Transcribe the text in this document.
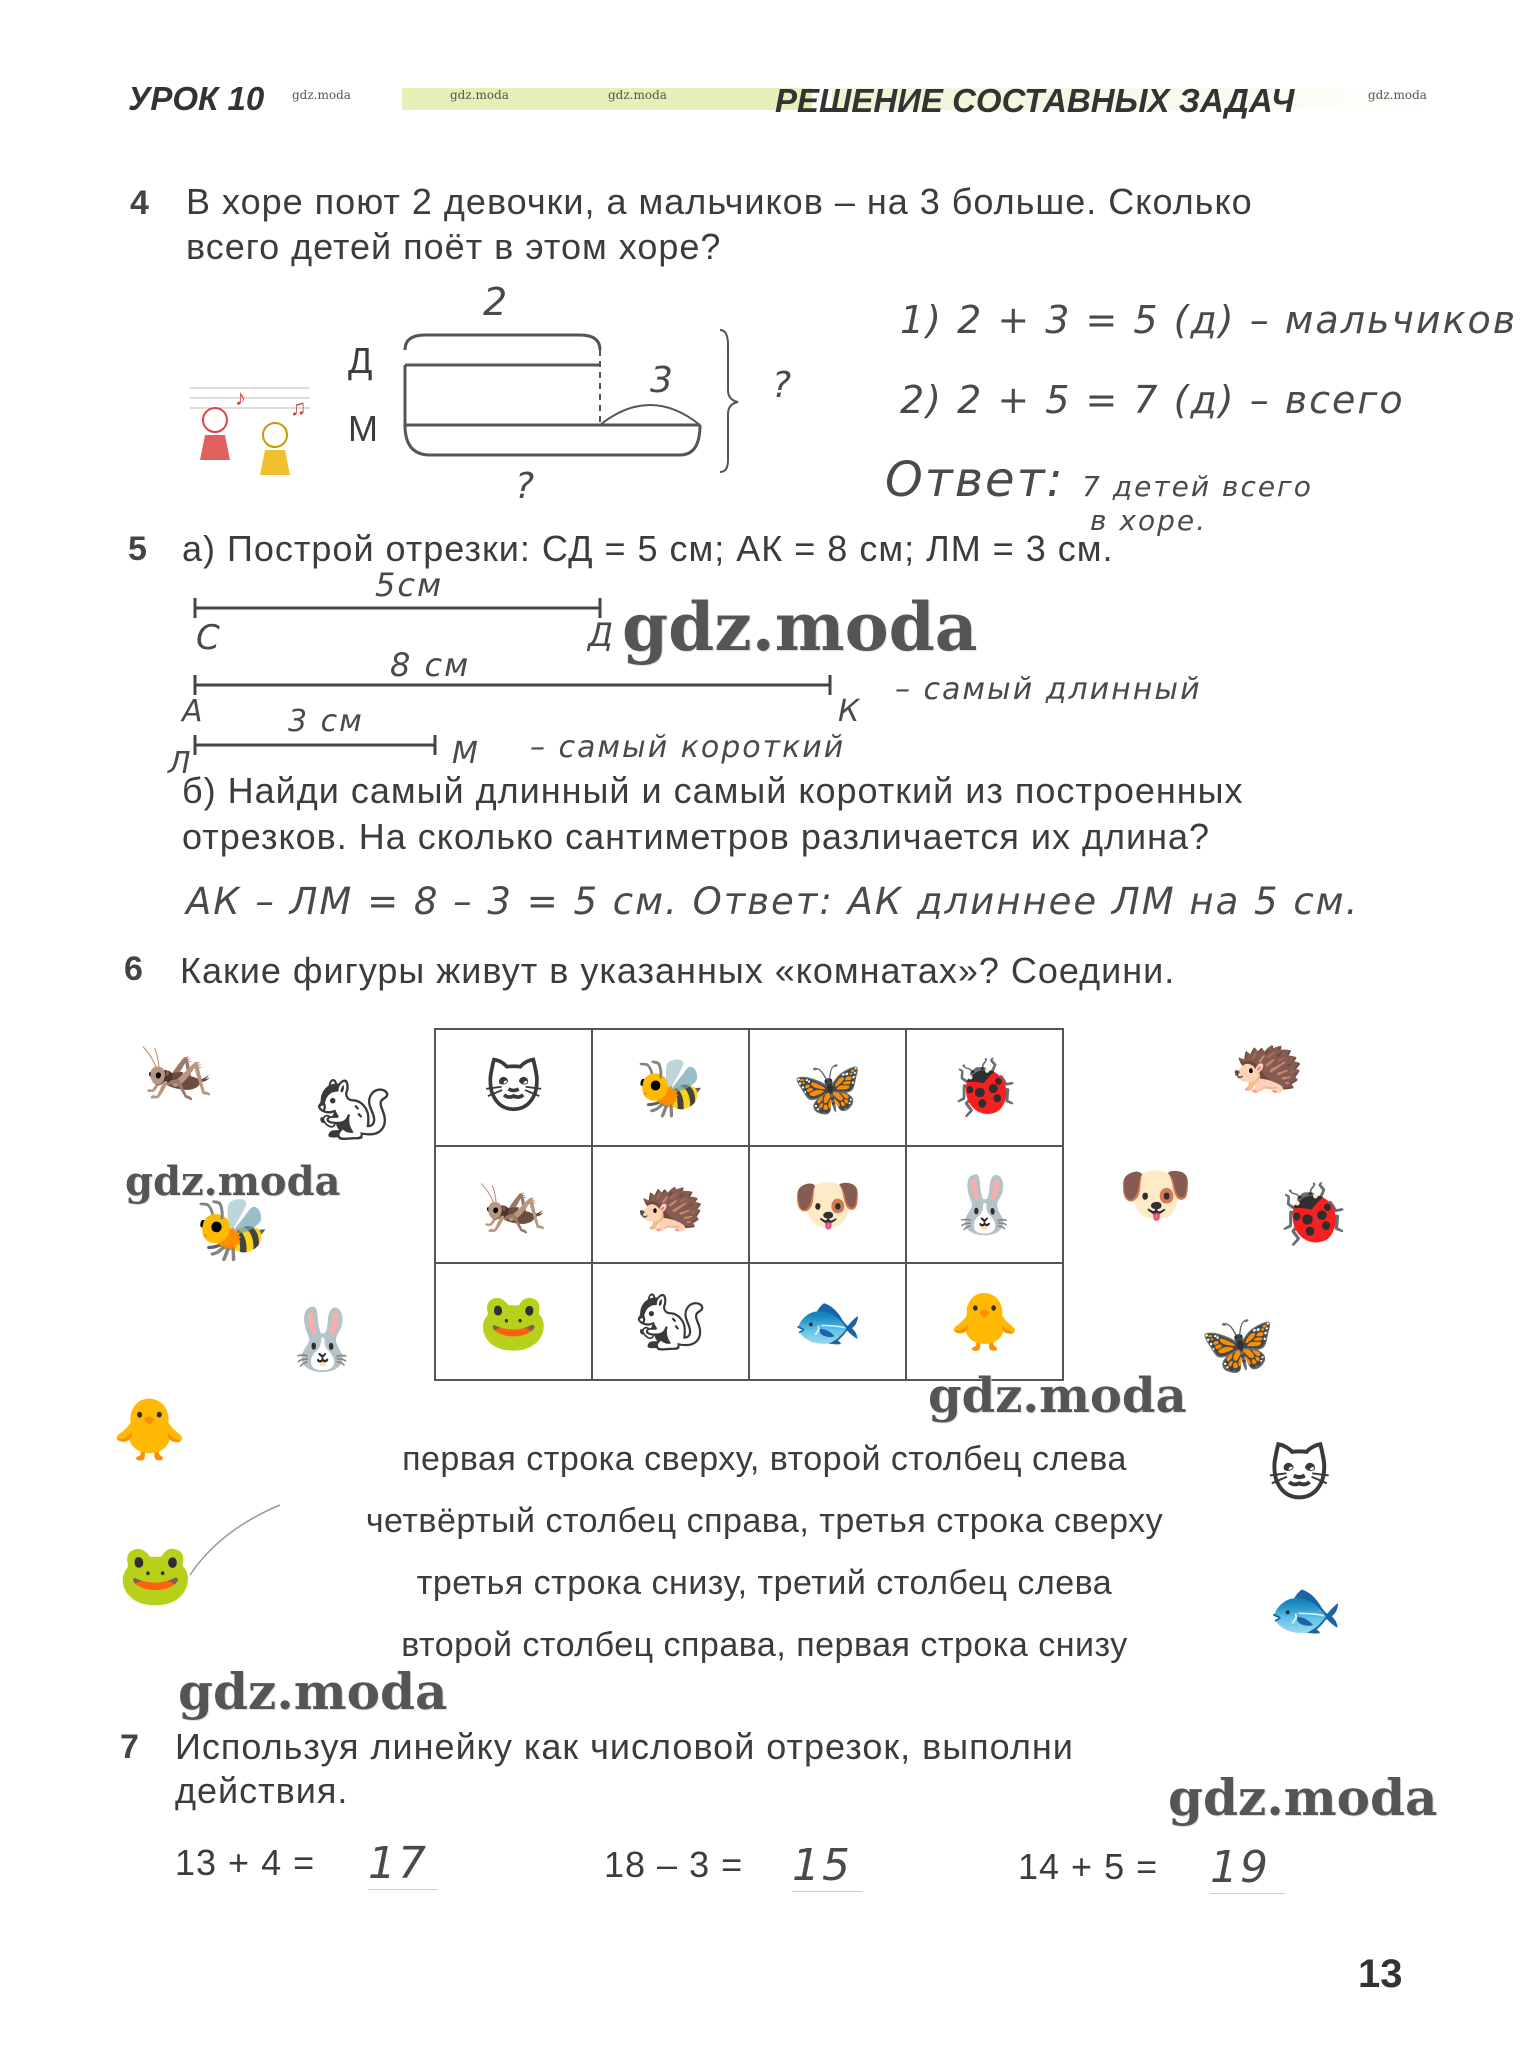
УРОК 10 gdz.moda	gdz.moda	gdz.moda	РЕШЕНИЕ СОСТАВНЫХ ЗАДАЧ	gdz.moda
4 В хоре поют 2 девочки, а мальчиков – на 3 больше. Сколько
всего детей поёт в этом хоре?
♪ ♫
2
Д
М
3	?
?
1) 2 + 3 = 5 (д) – мальчиков
2) 2 + 5 = 7 (д) – всего
Ответ: 7 детей всего
в хоре.
5 а) Построй отрезки: СД = 5 см; АК = 8 см; ЛМ = 3 см.
5см
С	Д
8 см
А	К
– самый длинный
3 см
Л	М – самый короткий
б) Найди самый длинный и самый короткий из построенных
отрезков. На сколько сантиметров различается их длина?
АК – ЛМ = 8 – 3 = 5 см. Ответ: АК длиннее ЛМ на 5 см.
6 Какие фигуры живут в указанных «комнатах»? Соедини.
🐱	🐝	🦋	🐞
🦗	🦔	🐶	🐰
🐸	🐿	🐟	🐥
🦗
🐿
🐝
🐰
🐥
🐸
🦔
🐶 🐞
🦋
🐱
🐟
первая строка сверху, второй столбец слева
четвёртый столбец справа, третья строка сверху
третья строка снизу, третий столбец слева
второй столбец справа, первая строка снизу
7 Используя линейку как числовой отрезок, выполни
действия.
13 + 4 = 17	18 – 3 = 15	14 + 5 = 19
gdz.moda
gdz.moda
gdz.moda
gdz.moda
gdz.moda
13
